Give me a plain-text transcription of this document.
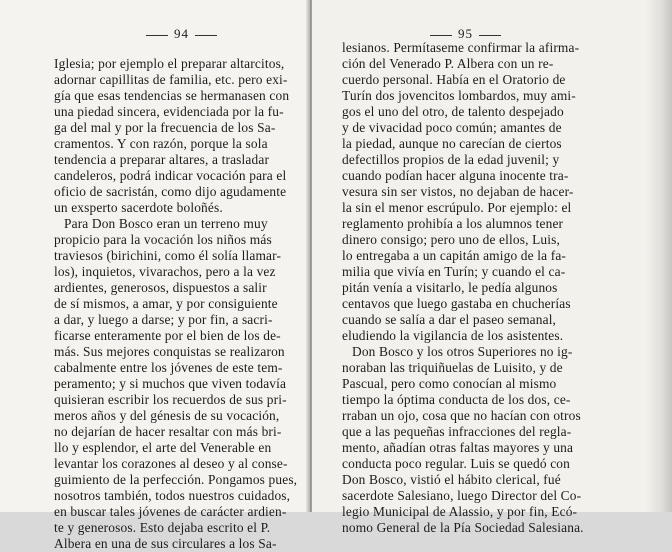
94
Iglesia; por ejemplo el preparar altarcitos,
adornar capillitas de familia, etc. pero exi-
gía que esas tendencias se hermanasen con
una piedad sincera, evidenciada por la fu-
ga del mal y por la frecuencia de los Sa-
cramentos. Y con razón, porque la sola
tendencia a preparar altares, a trasladar
candeleros, podrá indicar vocación para el
oficio de sacristán, como dijo agudamente
un exsperto sacerdote boloñés.
Para Don Bosco eran un terreno muy
propicio para la vocación los niños más
traviesos (birichini, como él solía llamar-
los), inquietos, vivarachos, pero a la vez
ardientes, generosos, dispuestos a salir
de sí mismos, a amar, y por consiguiente
a dar, y luego a darse; y por fin, a sacri-
ficarse enteramente por el bien de los de-
más. Sus mejores conquistas se realizaron
cabalmente entre los jóvenes de este tem-
peramento; y si muchos que viven todavía
quisieran escribir los recuerdos de sus pri-
meros años y del génesis de su vocación,
no dejarían de hacer resaltar con más bri-
llo y esplendor, el arte del Venerable en
levantar los corazones al deseo y al conse-
guimiento de la perfección. Pongamos pues,
nosotros también, todos nuestros cuidados,
en buscar tales jóvenes de carácter ardien-
te y generosos. Esto dejaba escrito el P.
Albera en una de sus circulares a los Sa-
95
lesianos. Permítaseme confirmar la afirma-
ción del Venerado P. Albera con un re-
cuerdo personal. Había en el Oratorio de
Turín dos jovencitos lombardos, muy ami-
gos el uno del otro, de talento despejado
y de vivacidad poco común; amantes de
la piedad, aunque no carecían de ciertos
defectillos propios de la edad juvenil; y
cuando podían hacer alguna inocente tra-
vesura sin ser vistos, no dejaban de hacer-
la sin el menor escrúpulo. Por ejemplo: el
reglamento prohibía a los alumnos tener
dinero consigo; pero uno de ellos, Luis,
lo entregaba a un capitán amigo de la fa-
milia que vivía en Turín; y cuando el ca-
pitán venía a visitarlo, le pedía algunos
centavos que luego gastaba en chucherías
cuando se salía a dar el paseo semanal,
eludiendo la vigilancia de los asistentes.
Don Bosco y los otros Superiores no ig-
noraban las triquiñuelas de Luisito, y de
Pascual, pero como conocían al mismo
tiempo la óptima conducta de los dos, ce-
rraban un ojo, cosa que no hacían con otros
que a las pequeñas infracciones del regla-
mento, añadían otras faltas mayores y una
conducta poco regular. Luis se quedó con
Don Bosco, vistió el hábito clerical, fué
sacerdote Salesiano, luego Director del Co-
legio Municipal de Alassio, y por fin, Ecó-
nomo General de la Pía Sociedad Salesiana.
